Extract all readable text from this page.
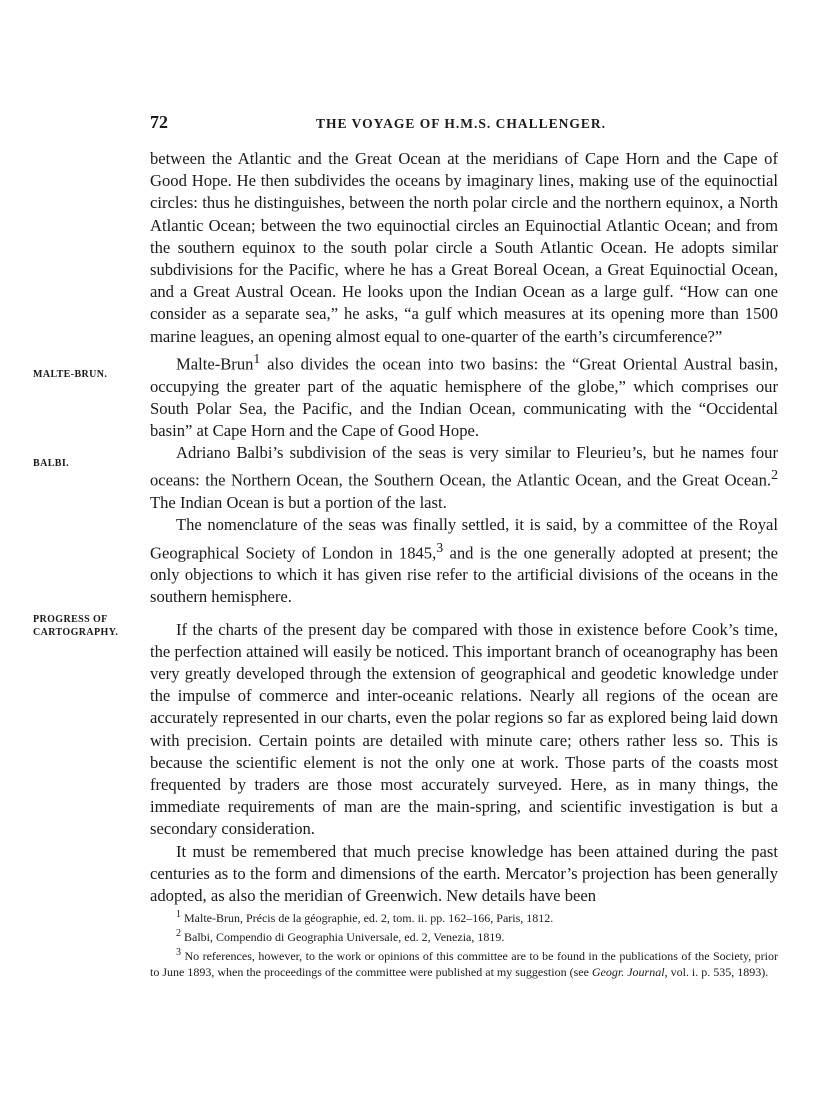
72	THE VOYAGE OF H.M.S. CHALLENGER.
MALTE-BRUN.
BALBI.
PROGRESS OF
CARTOGRAPHY.

between the Atlantic and the Great Ocean at the meridians of Cape Horn and the Cape of Good Hope. He then subdivides the oceans by imaginary lines, making use of the equinoctial circles: thus he distinguishes, between the north polar circle and the northern equinox, a North Atlantic Ocean; between the two equinoctial circles an Equinoctial Atlantic Ocean; and from the southern equinox to the south polar circle a South Atlantic Ocean. He adopts similar subdivisions for the Pacific, where he has a Great Boreal Ocean, a Great Equinoctial Ocean, and a Great Austral Ocean. He looks upon the Indian Ocean as a large gulf. “How can one consider as a separate sea,” he asks, “a gulf which measures at its opening more than 1500 marine leagues, an opening almost equal to one-quarter of the earth’s circumference?”

Malte-Brun$^1$ also divides the ocean into two basins: the “Great Oriental Austral basin, occupying the greater part of the aquatic hemisphere of the globe,” which comprises our South Polar Sea, the Pacific, and the Indian Ocean, communicating with the “Occidental basin” at Cape Horn and the Cape of Good Hope.

Adriano Balbi’s subdivision of the seas is very similar to Fleurieu’s, but he names four oceans: the Northern Ocean, the Southern Ocean, the Atlantic Ocean, and the Great Ocean.$^2$ The Indian Ocean is but a portion of the last.

The nomenclature of the seas was finally settled, it is said, by a committee of the Royal Geographical Society of London in 1845,$^3$ and is the one generally adopted at present; the only objections to which it has given rise refer to the artificial divisions of the oceans in the southern hemisphere.

If the charts of the present day be compared with those in existence before Cook’s time, the perfection attained will easily be noticed. This important branch of oceanography has been very greatly developed through the extension of geographical and geodetic knowledge under the impulse of commerce and inter-oceanic relations. Nearly all regions of the ocean are accurately represented in our charts, even the polar regions so far as explored being laid down with precision. Certain points are detailed with minute care; others rather less so. This is because the scientific element is not the only one at work. Those parts of the coasts most frequented by traders are those most accurately surveyed. Here, as in many things, the immediate requirements of man are the main-spring, and scientific investigation is but a secondary consideration.

It must be remembered that much precise knowledge has been attained during the past centuries as to the form and dimensions of the earth. Mercator’s projection has been generally adopted, as also the meridian of Greenwich. New details have been

$^1$ Malte-Brun, Précis de la géographie, ed. 2, tom. ii. pp. 162–166, Paris, 1812.

$^2$ Balbi, Compendio di Geographia Universale, ed. 2, Venezia, 1819.

$^3$ No references, however, to the work or opinions of this committee are to be found in the publications of the Society, prior to June 1893, when the proceedings of the committee were published at my suggestion (see Geogr. Journal, vol. i. p. 535, 1893).
